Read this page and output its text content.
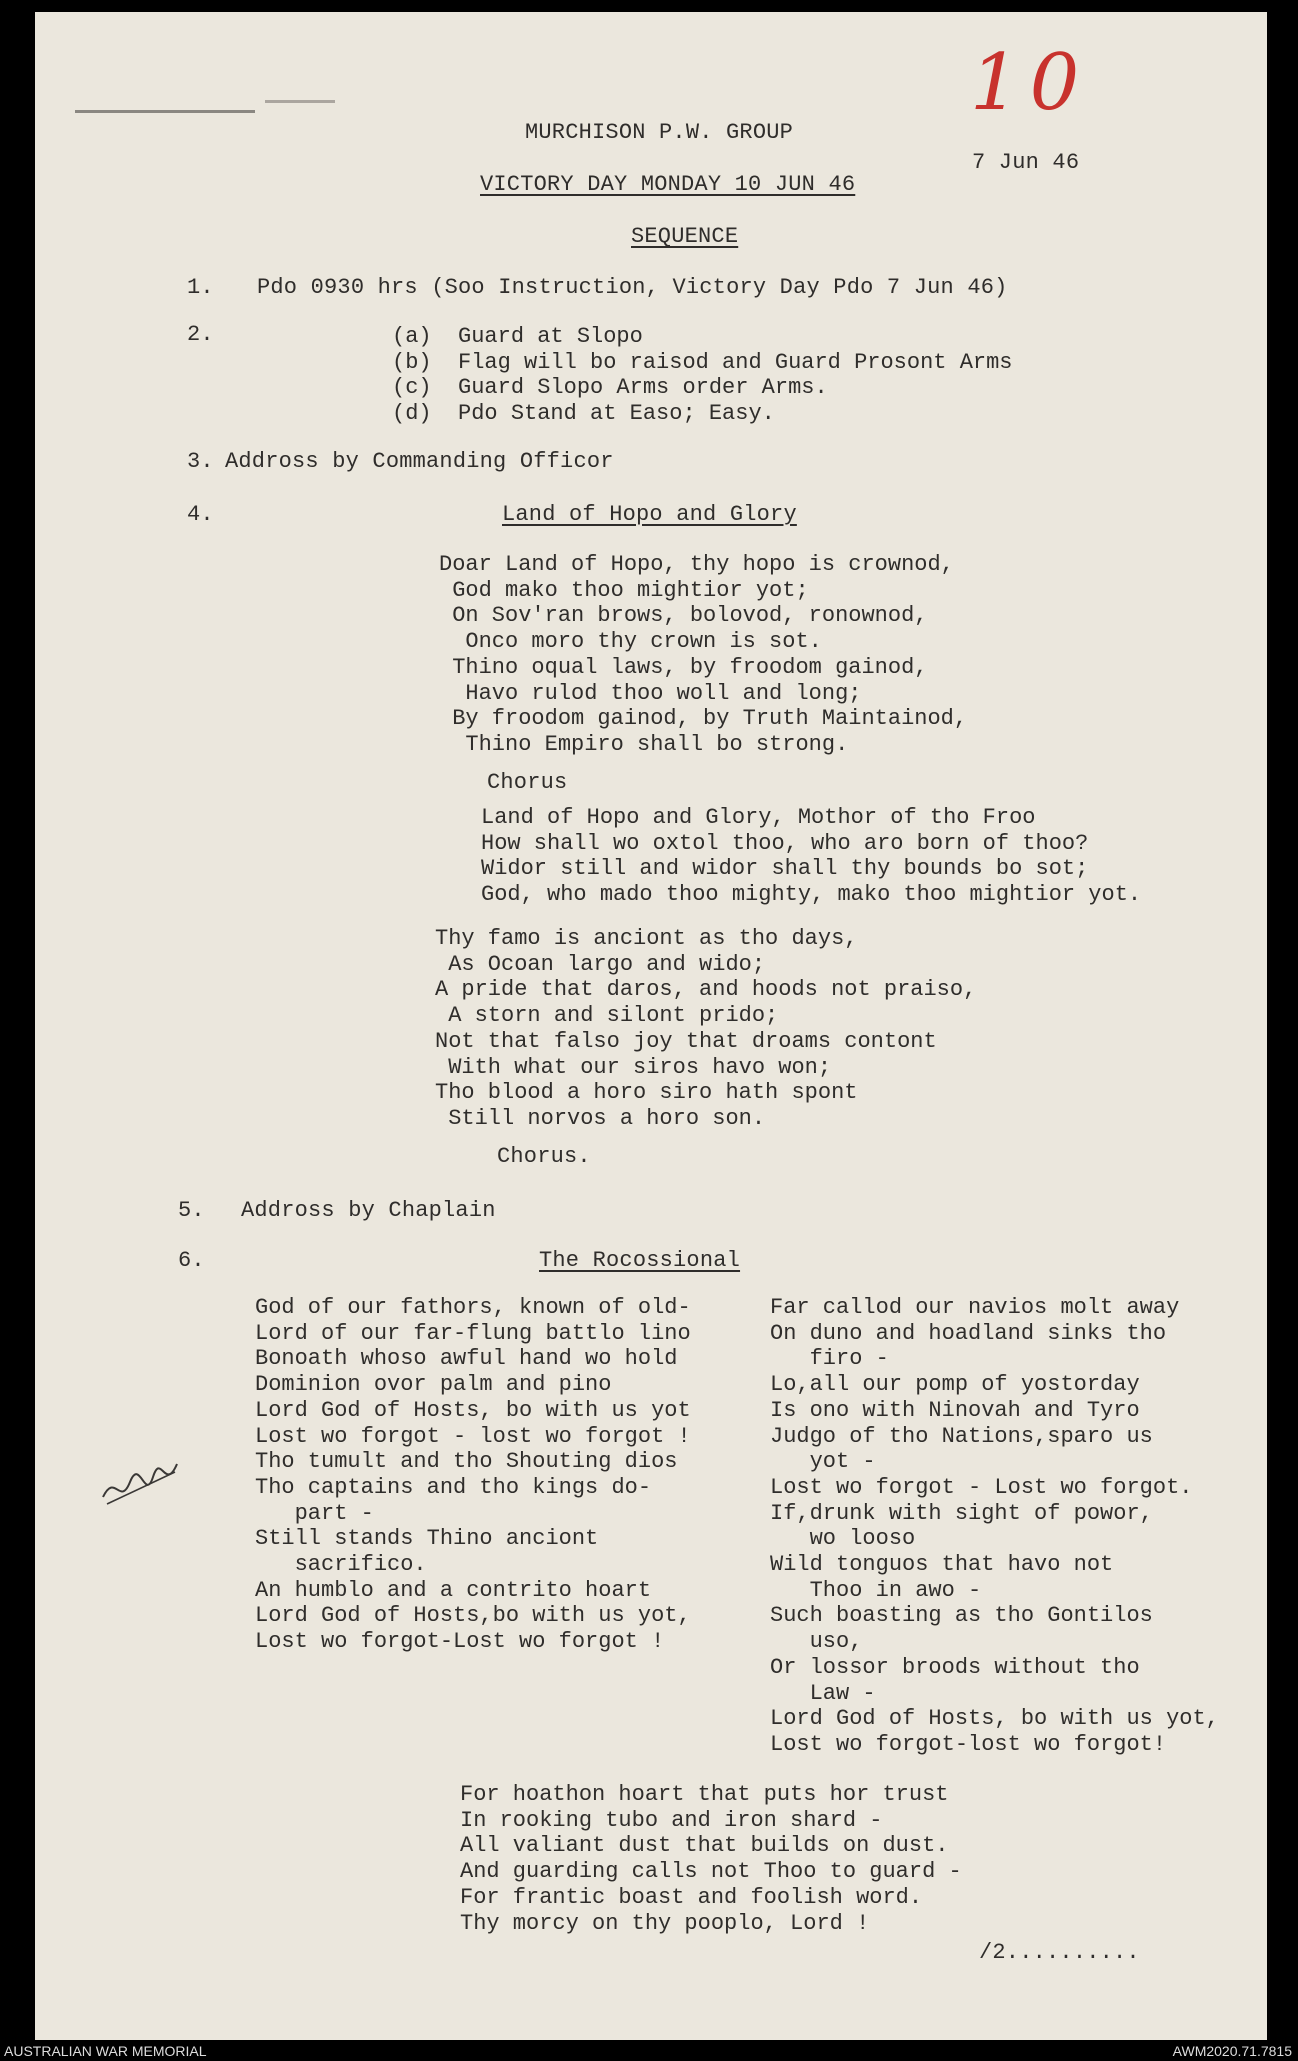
10
MURCHISON P.W. GROUP
7 Jun 46
VICTORY DAY MONDAY 10 JUN 46
SEQUENCE
1. Pdo 0930 hrs (Soo Instruction, Victory Day Pdo 7 Jun 46)
2.	(a)  Guard at Slopo
(b)  Flag will bo raisod and Guard Prosont Arms
(c)  Guard Slopo Arms order Arms.
(d)  Pdo Stand at Easo; Easy.
3. Addross by Commanding Officor
4.	Land of Hopo and Glory
Doar Land of Hopo, thy hopo is crownod,
God mako thoo mightior yot;
On Sov'ran brows, bolovod, ronownod,
Onco moro thy crown is sot.
Thino oqual laws, by froodom gainod,
Havo rulod thoo woll and long;
By froodom gainod, by Truth Maintainod,
Thino Empiro shall bo strong.
Chorus
Land of Hopo and Glory, Mothor of tho Froo
How shall wo oxtol thoo, who aro born of thoo?
Widor still and widor shall thy bounds bo sot;
God, who mado thoo mighty, mako thoo mightior yot.
Thy famo is anciont as tho days,
As Ocoan largo and wido;
A pride that daros, and hoods not praiso,
A storn and silont prido;
Not that falso joy that droams contont
With what our siros havo won;
Tho blood a horo siro hath spont
Still norvos a horo son.
Chorus.
5. Addross by Chaplain
6.	The Rocossional
God of our fathors, known of old-
Lord of our far-flung battlo lino
Bonoath whoso awful hand wo hold
Dominion ovor palm and pino
Lord God of Hosts, bo with us yot
Lost wo forgot - lost wo forgot !
Tho tumult and tho Shouting dios
Tho captains and tho kings do-
part -
Still stands Thino anciont
sacrifico.
An humblo and a contrito hoart
Lord God of Hosts,bo with us yot,
Lost wo forgot-Lost wo forgot !
Far callod our navios molt away
On duno and hoadland sinks tho
firo -
Lo,all our pomp of yostorday
Is ono with Ninovah and Tyro
Judgo of tho Nations,sparo us
yot -
Lost wo forgot - Lost wo forgot.
If,drunk with sight of powor,
wo looso
Wild tonguos that havo not
Thoo in awo -
Such boasting as tho Gontilos
uso,
Or lossor broods without tho
Law -
Lord God of Hosts, bo with us yot,
Lost wo forgot-lost wo forgot!
For hoathon hoart that puts hor trust
In rooking tubo and iron shard -
All valiant dust that builds on dust.
And guarding calls not Thoo to guard -
For frantic boast and foolish word.
Thy morcy on thy pooplo, Lord !
/2..........
AUSTRALIAN WAR MEMORIAL	AWM2020.71.7815
